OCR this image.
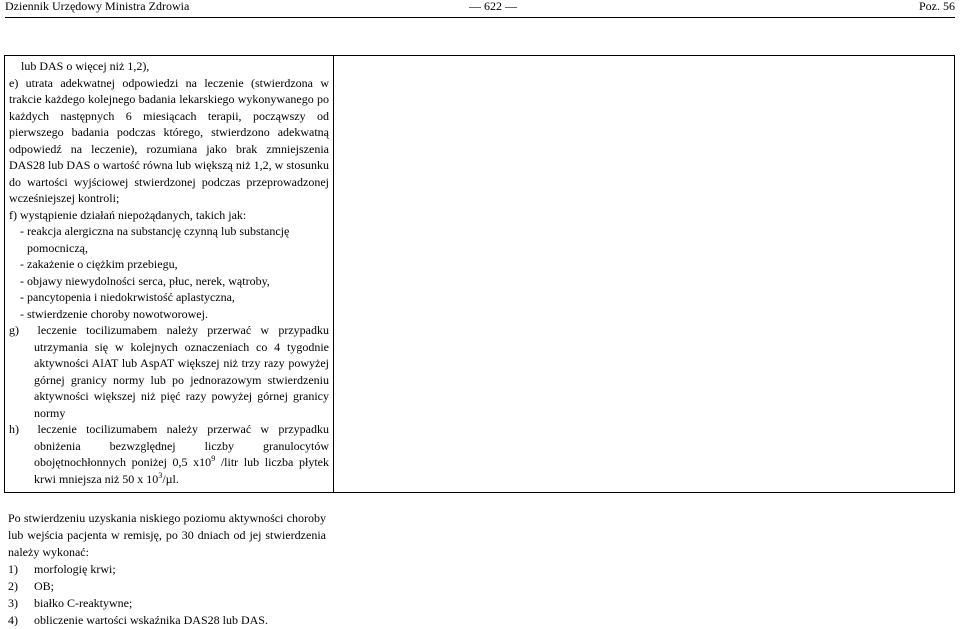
Dziennik Urzędowy Ministra Zdrowia	— 622 —	Poz. 56

lub DAS o więcej niż 1,2),

e) utrata adekwatnej odpowiedzi na leczenie (stwierdzona w trakcie każdego kolejnego badania lekarskiego wykonywanego po każdych następnych 6 miesiącach terapii, począwszy od pierwszego badania podczas którego, stwierdzono adekwatną odpowiedź na leczenie), rozumiana jako brak zmniejszenia DAS28 lub DAS o wartość równa lub większą niż 1,2, w stosunku do wartości wyjściowej stwierdzonej podczas przeprowadzonej wcześniejszej kontroli;

f) wystąpienie działań niepożądanych, takich jak:

- reakcja alergiczna na substancję czynną lub substancję pomocniczą,
- zakażenie o ciężkim przebiegu,
- objawy niewydolności serca, płuc, nerek, wątroby,
- pancytopenia i niedokrwistość aplastyczna,
- stwierdzenie choroby nowotworowej.

g) leczenie tocilizumabem należy przerwać w przypadku utrzymania się w kolejnych oznaczeniach co 4 tygodnie aktywności AlAT lub AspAT większej niż trzy razy powyżej górnej granicy normy lub po jednorazowym stwierdzeniu aktywności większej niż pięć razy powyżej górnej granicy normy

h) leczenie tocilizumabem należy przerwać w przypadku obniżenia bezwzględnej liczby granulocytów obojętnochłonnych poniżej 0,5 $x10^9$ /litr lub liczba płytek krwi mniejsza niż 50 x $10^3/\mu l$.

Po stwierdzeniu uzyskania niskiego poziomu aktywności choroby lub wejścia pacjenta w remisję, po 30 dniach od jej stwierdzenia należy wykonać:

1) morfologię krwi;
2) OB;
3) białko C-reaktywne;
4) obliczenie wartości wskaźnika DAS28 lub DAS.
